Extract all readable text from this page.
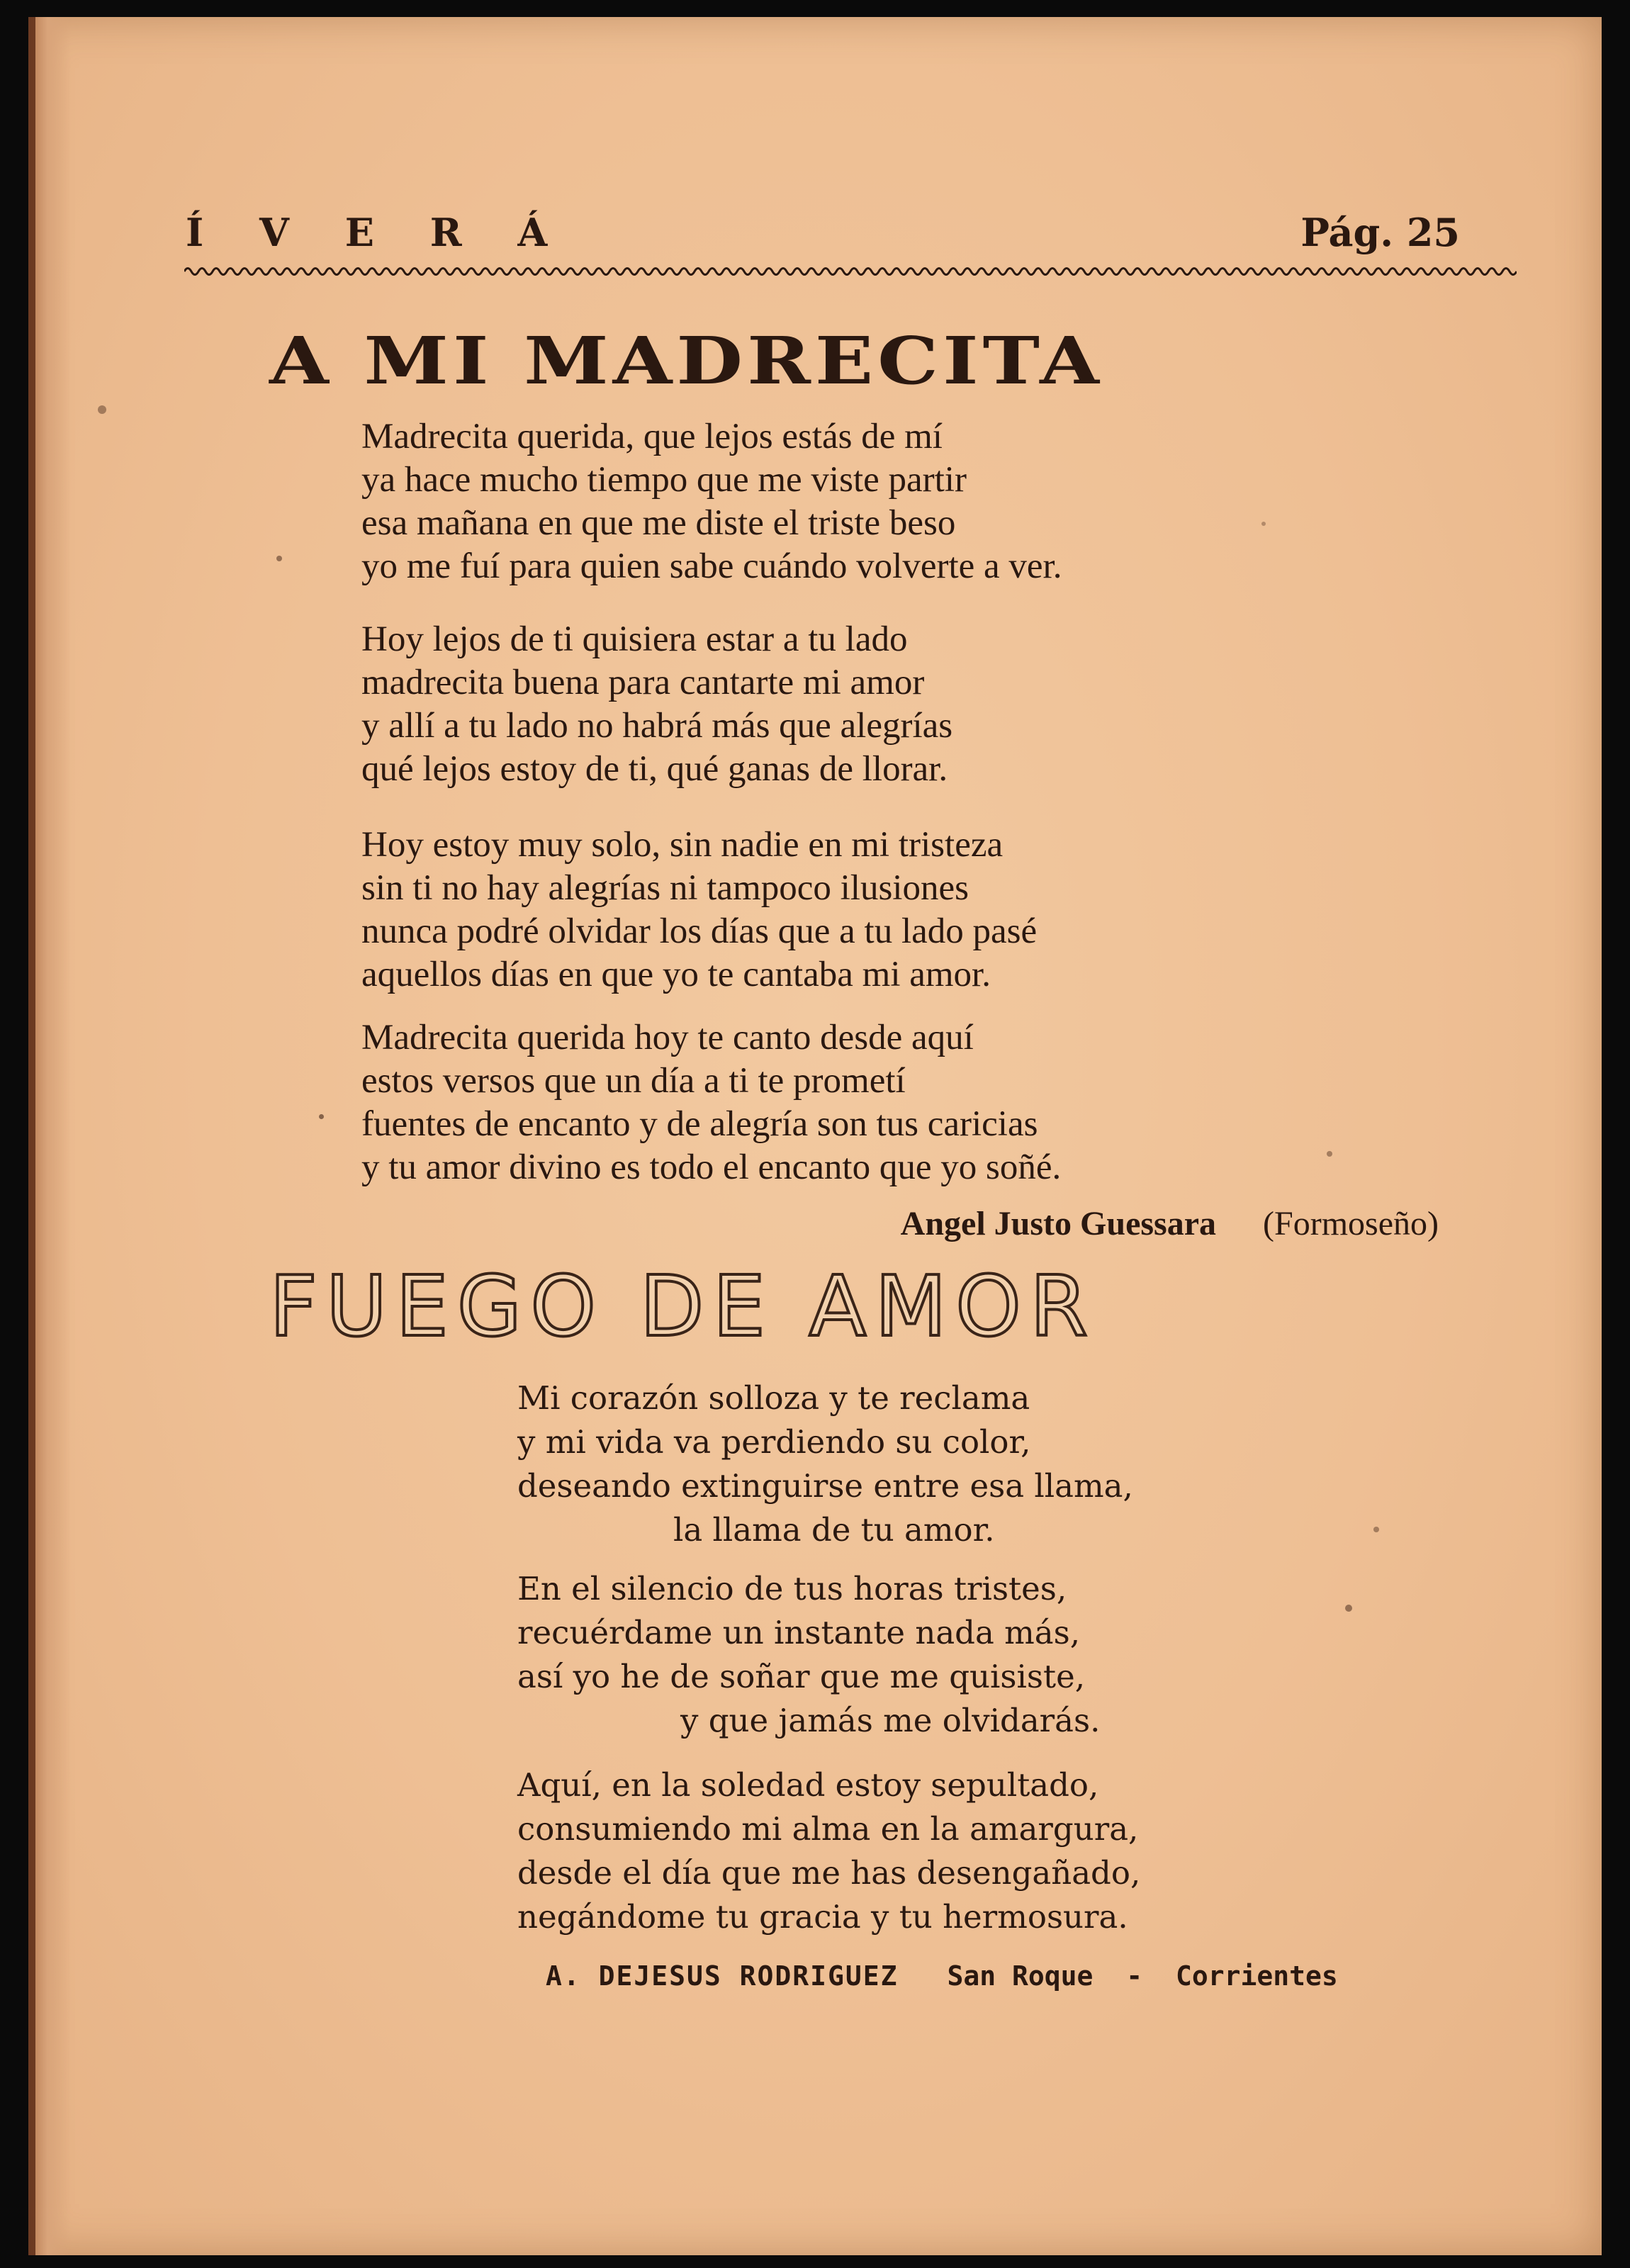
Í V E R Á	Pág. 25
A MI MADRECITA
Madrecita querida, que lejos estás de mí
ya hace mucho tiempo que me viste partir
esa mañana en que me diste el triste beso
yo me fuí para quien sabe cuándo volverte a ver.
Hoy lejos de ti quisiera estar a tu lado
madrecita buena para cantarte mi amor
y allí a tu lado no habrá más que alegrías
qué lejos estoy de ti, qué ganas de llorar.
Hoy estoy muy solo, sin nadie en mi tristeza
sin ti no hay alegrías ni tampoco ilusiones
nunca podré olvidar los días que a tu lado pasé
aquellos días en que yo te cantaba mi amor.
Madrecita querida hoy te canto desde aquí
estos versos que un día a ti te prometí
fuentes de encanto y de alegría son tus caricias
y tu amor divino es todo el encanto que yo soñé.
Angel Justo Guessara (Formoseño)
FUEGO DE AMOR
Mi corazón solloza y te reclama
y mi vida va perdiendo su color,
deseando extinguirse entre esa llama,
la llama de tu amor.
En el silencio de tus horas tristes,
recuérdame un instante nada más,
así yo he de soñar que me quisiste,
y que jamás me olvidarás.
Aquí, en la soledad estoy sepultado,
consumiendo mi alma en la amargura,
desde el día que me has desengañado,
negándome tu gracia y tu hermosura.
A. DEJESUS RODRIGUEZ San Roque - Corrientes
